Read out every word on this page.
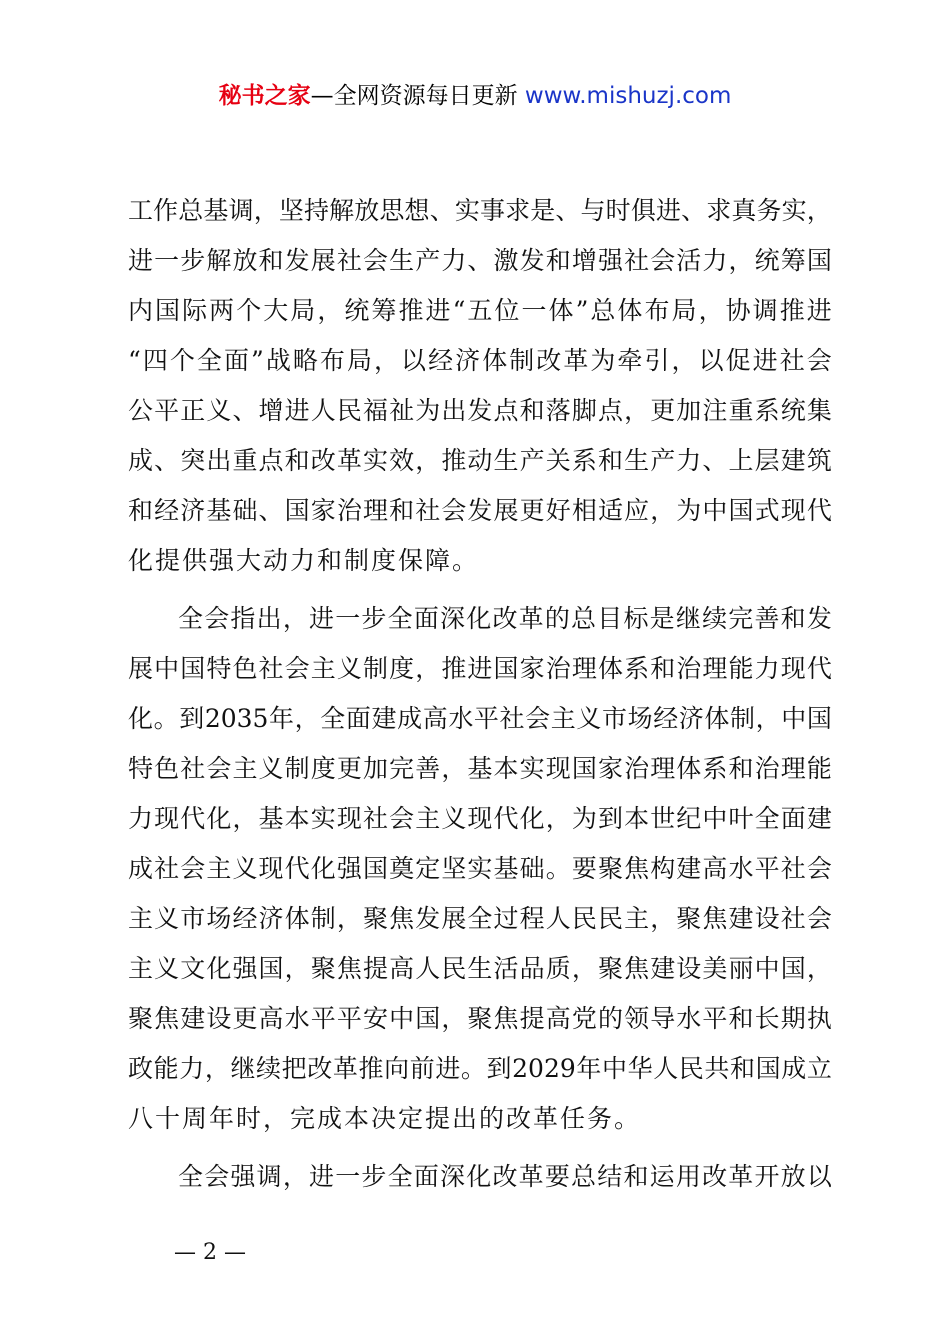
秘书之家—全网资源每日更新 www.mishuzj.com
工 作 总 基 调 ， 坚 持 解 放 思 想 、 实 事 求 是 、 与 时 俱 进 、 求 真 务 实 ，
进 一 步 解 放 和 发 展 社 会 生 产 力 、 激 发 和 增 强 社 会 活 力 ， 统 筹 国
内 国 际 两 个 大 局 ， 统 筹 推 进 “ 五 位 一 体 ” 总 体 布 局 ， 协 调 推 进
“ 四 个 全 面 ” 战 略 布 局 ， 以 经 济 体 制 改 革 为 牵 引 ， 以 促 进 社 会
公 平 正 义 、 增 进 人 民 福 祉 为 出 发 点 和 落 脚 点 ， 更 加 注 重 系 统 集
成 、 突 出 重 点 和 改 革 实 效 ， 推 动 生 产 关 系 和 生 产 力 、 上 层 建 筑
和 经 济 基 础 、 国 家 治 理 和 社 会 发 展 更 好 相 适 应 ， 为 中 国 式 现 代
化提供强大动力和制度保障。
全 会 指 出 ， 进 一 步 全 面 深 化 改 革 的 总 目 标 是 继 续 完 善 和 发
展 中 国 特 色 社 会 主 义 制 度 ， 推 进 国 家 治 理 体 系 和 治 理 能 力 现 代
化 。 到 2035 年 ， 全 面 建 成 高 水 平 社 会 主 义 市 场 经 济 体 制 ， 中 国
特 色 社 会 主 义 制 度 更 加 完 善 ， 基 本 实 现 国 家 治 理 体 系 和 治 理 能
力 现 代 化 ， 基 本 实 现 社 会 主 义 现 代 化 ， 为 到 本 世 纪 中 叶 全 面 建
成 社 会 主 义 现 代 化 强 国 奠 定 坚 实 基 础 。 要 聚 焦 构 建 高 水 平 社 会
主 义 市 场 经 济 体 制 ， 聚 焦 发 展 全 过 程 人 民 民 主 ， 聚 焦 建 设 社 会
主 义 文 化 强 国 ， 聚 焦 提 高 人 民 生 活 品 质 ， 聚 焦 建 设 美 丽 中 国 ，
聚 焦 建 设 更 高 水 平 平 安 中 国 ， 聚 焦 提 高 党 的 领 导 水 平 和 长 期 执
政 能 力 ， 继 续 把 改 革 推 向 前 进 。 到 2029 年 中 华 人 民 共 和 国 成 立
八十周年时，完成本决定提出的改革任务。
全 会 强 调 ， 进 一 步 全 面 深 化 改 革 要 总 结 和 运 用 改 革 开 放 以
— 2 —
